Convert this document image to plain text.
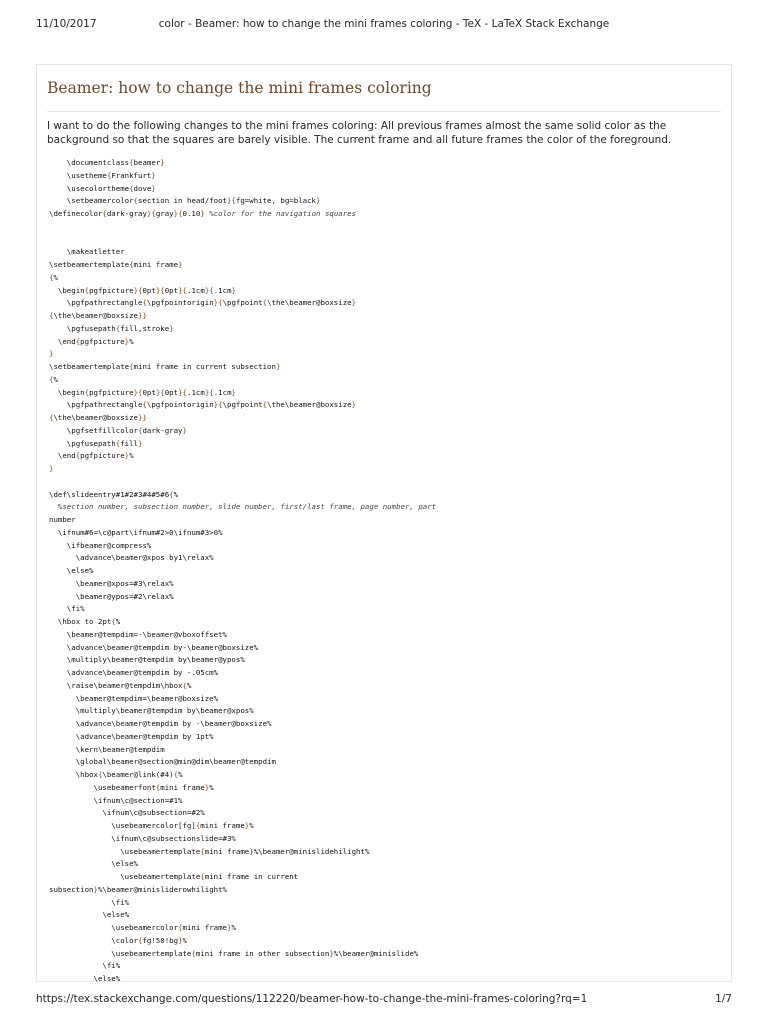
11/10/2017	color - Beamer: how to change the mini frames coloring - TeX - LaTeX Stack Exchange
Beamer: how to change the mini frames coloring
I want to do the following changes to the mini frames coloring: All previous frames almost the same solid color as the background so that the squares are barely visible. The current frame and all future frames the color of the foreground.
\documentclass{beamer}
\usetheme{Frankfurt}
\usecolortheme{dove}
\setbeamercolor{section in head/foot}{fg=white, bg=black}
\definecolor{dark-gray}{gray}{0.10} %color for the navigation squares
\makeatletter
\setbeamertemplate{mini frame}
{%
\begin{pgfpicture}{0pt}{0pt}{.1cm}{.1cm}
\pgfpathrectangle{\pgfpointorigin}{\pgfpoint{\the\beamer@boxsize}
{\the\beamer@boxsize}}
\pgfusepath{fill,stroke}
\end{pgfpicture}%
}
\setbeamertemplate{mini frame in current subsection}
{%
\begin{pgfpicture}{0pt}{0pt}{.1cm}{.1cm}
\pgfpathrectangle{\pgfpointorigin}{\pgfpoint{\the\beamer@boxsize}
{\the\beamer@boxsize}}
\pgfsetfillcolor{dark-gray}
\pgfusepath{fill}
\end{pgfpicture}%
}
\def\slideentry#1#2#3#4#5#6{%
%section number, subsection number, slide number, first/last frame, page number, part
number
\ifnum#6=\c@part\ifnum#2>0\ifnum#3>0%
\ifbeamer@compress%
\advance\beamer@xpos by1\relax%
\else%
\beamer@xpos=#3\relax%
\beamer@ypos=#2\relax%
\fi%
\hbox to 2pt{%
\beamer@tempdim=-\beamer@vboxoffset%
\advance\beamer@tempdim by-\beamer@boxsize%
\multiply\beamer@tempdim by\beamer@ypos%
\advance\beamer@tempdim by -.05cm%
\raise\beamer@tempdim\hbox{%
\beamer@tempdim=\beamer@boxsize%
\multiply\beamer@tempdim by\beamer@xpos%
\advance\beamer@tempdim by -\beamer@boxsize%
\advance\beamer@tempdim by 1pt%
\kern\beamer@tempdim
\global\beamer@section@min@dim\beamer@tempdim
\hbox{\beamer@link(#4){%
\usebeamerfont{mini frame}%
\ifnum\c@section=#1%
\ifnum\c@subsection=#2%
\usebeamercolor[fg]{mini frame}%
\ifnum\c@subsectionslide=#3%
\usebeamertemplate{mini frame}%\beamer@minislidehilight%
\else%
\usebeamertemplate{mini frame in current
subsection}%\beamer@minisliderowhilight%
\fi%
\else%
\usebeamercolor{mini frame}%
\color{fg!50!bg}%
\usebeamertemplate{mini frame in other subsection}%\beamer@minislide%
\fi%
\else%
https://tex.stackexchange.com/questions/112220/beamer-how-to-change-the-mini-frames-coloring?rq=1	1/7
